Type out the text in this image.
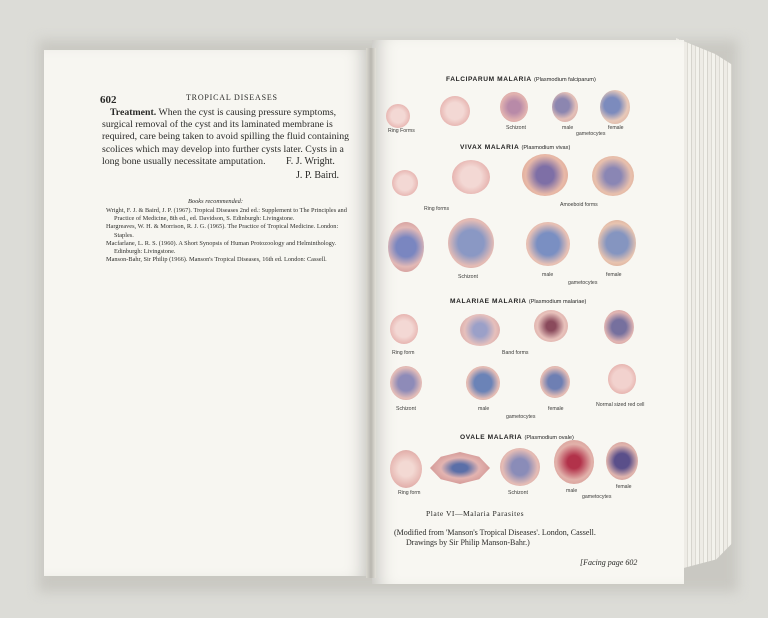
602	TROPICAL DISEASES
Treatment. When the cyst is causing pressure symptoms, surgical removal of the cyst and its laminated membrane is required, care being taken to avoid spilling the fluid containing scolices which may develop into further cysts later. Cysts in a long bone usually necessitate amputation.	F. J. Wright.
J. P. Baird.
Books recommended:
Wright, F. J. & Baird, J. P. (1967). Tropical Diseases 2nd ed.: Supplement to The Principles and Practice of Medicine, 8th ed., ed. Davidson, S. Edinburgh: Livingstone.
Hargreaves, W. H. & Morrison, R. J. G. (1965). The Practice of Tropical Medicine. London: Staples.
Macfarlane, L. R. S. (1960). A Short Synopsis of Human Protozoology and Helminthology. Edinburgh: Livingstone.
Manson-Bahr, Sir Philip (1966). Manson's Tropical Diseases, 16th ed. London: Cassell.
FALCIPARUM MALARIA (Plasmodium falciparum)
VIVAX MALARIA (Plasmodium vivax)
MALARIAE MALARIA (Plasmodium malariae)
OVALE MALARIA (Plasmodium ovale)
Ring Forms	Schizont	male
gametocytes
female
Ring forms
Amoeboid forms
Schizont	male
gametocytes
female
Ring form	Band forms
Schizont	male
gametocytes
female
Normal sized red cell
Ring form	Schizont	male
gametocytes
female
Plate VI—Malaria Parasites
(Modified from 'Manson's Tropical Diseases'. London, Cassell.
Drawings by Sir Philip Manson-Bahr.)
[Facing page 602
